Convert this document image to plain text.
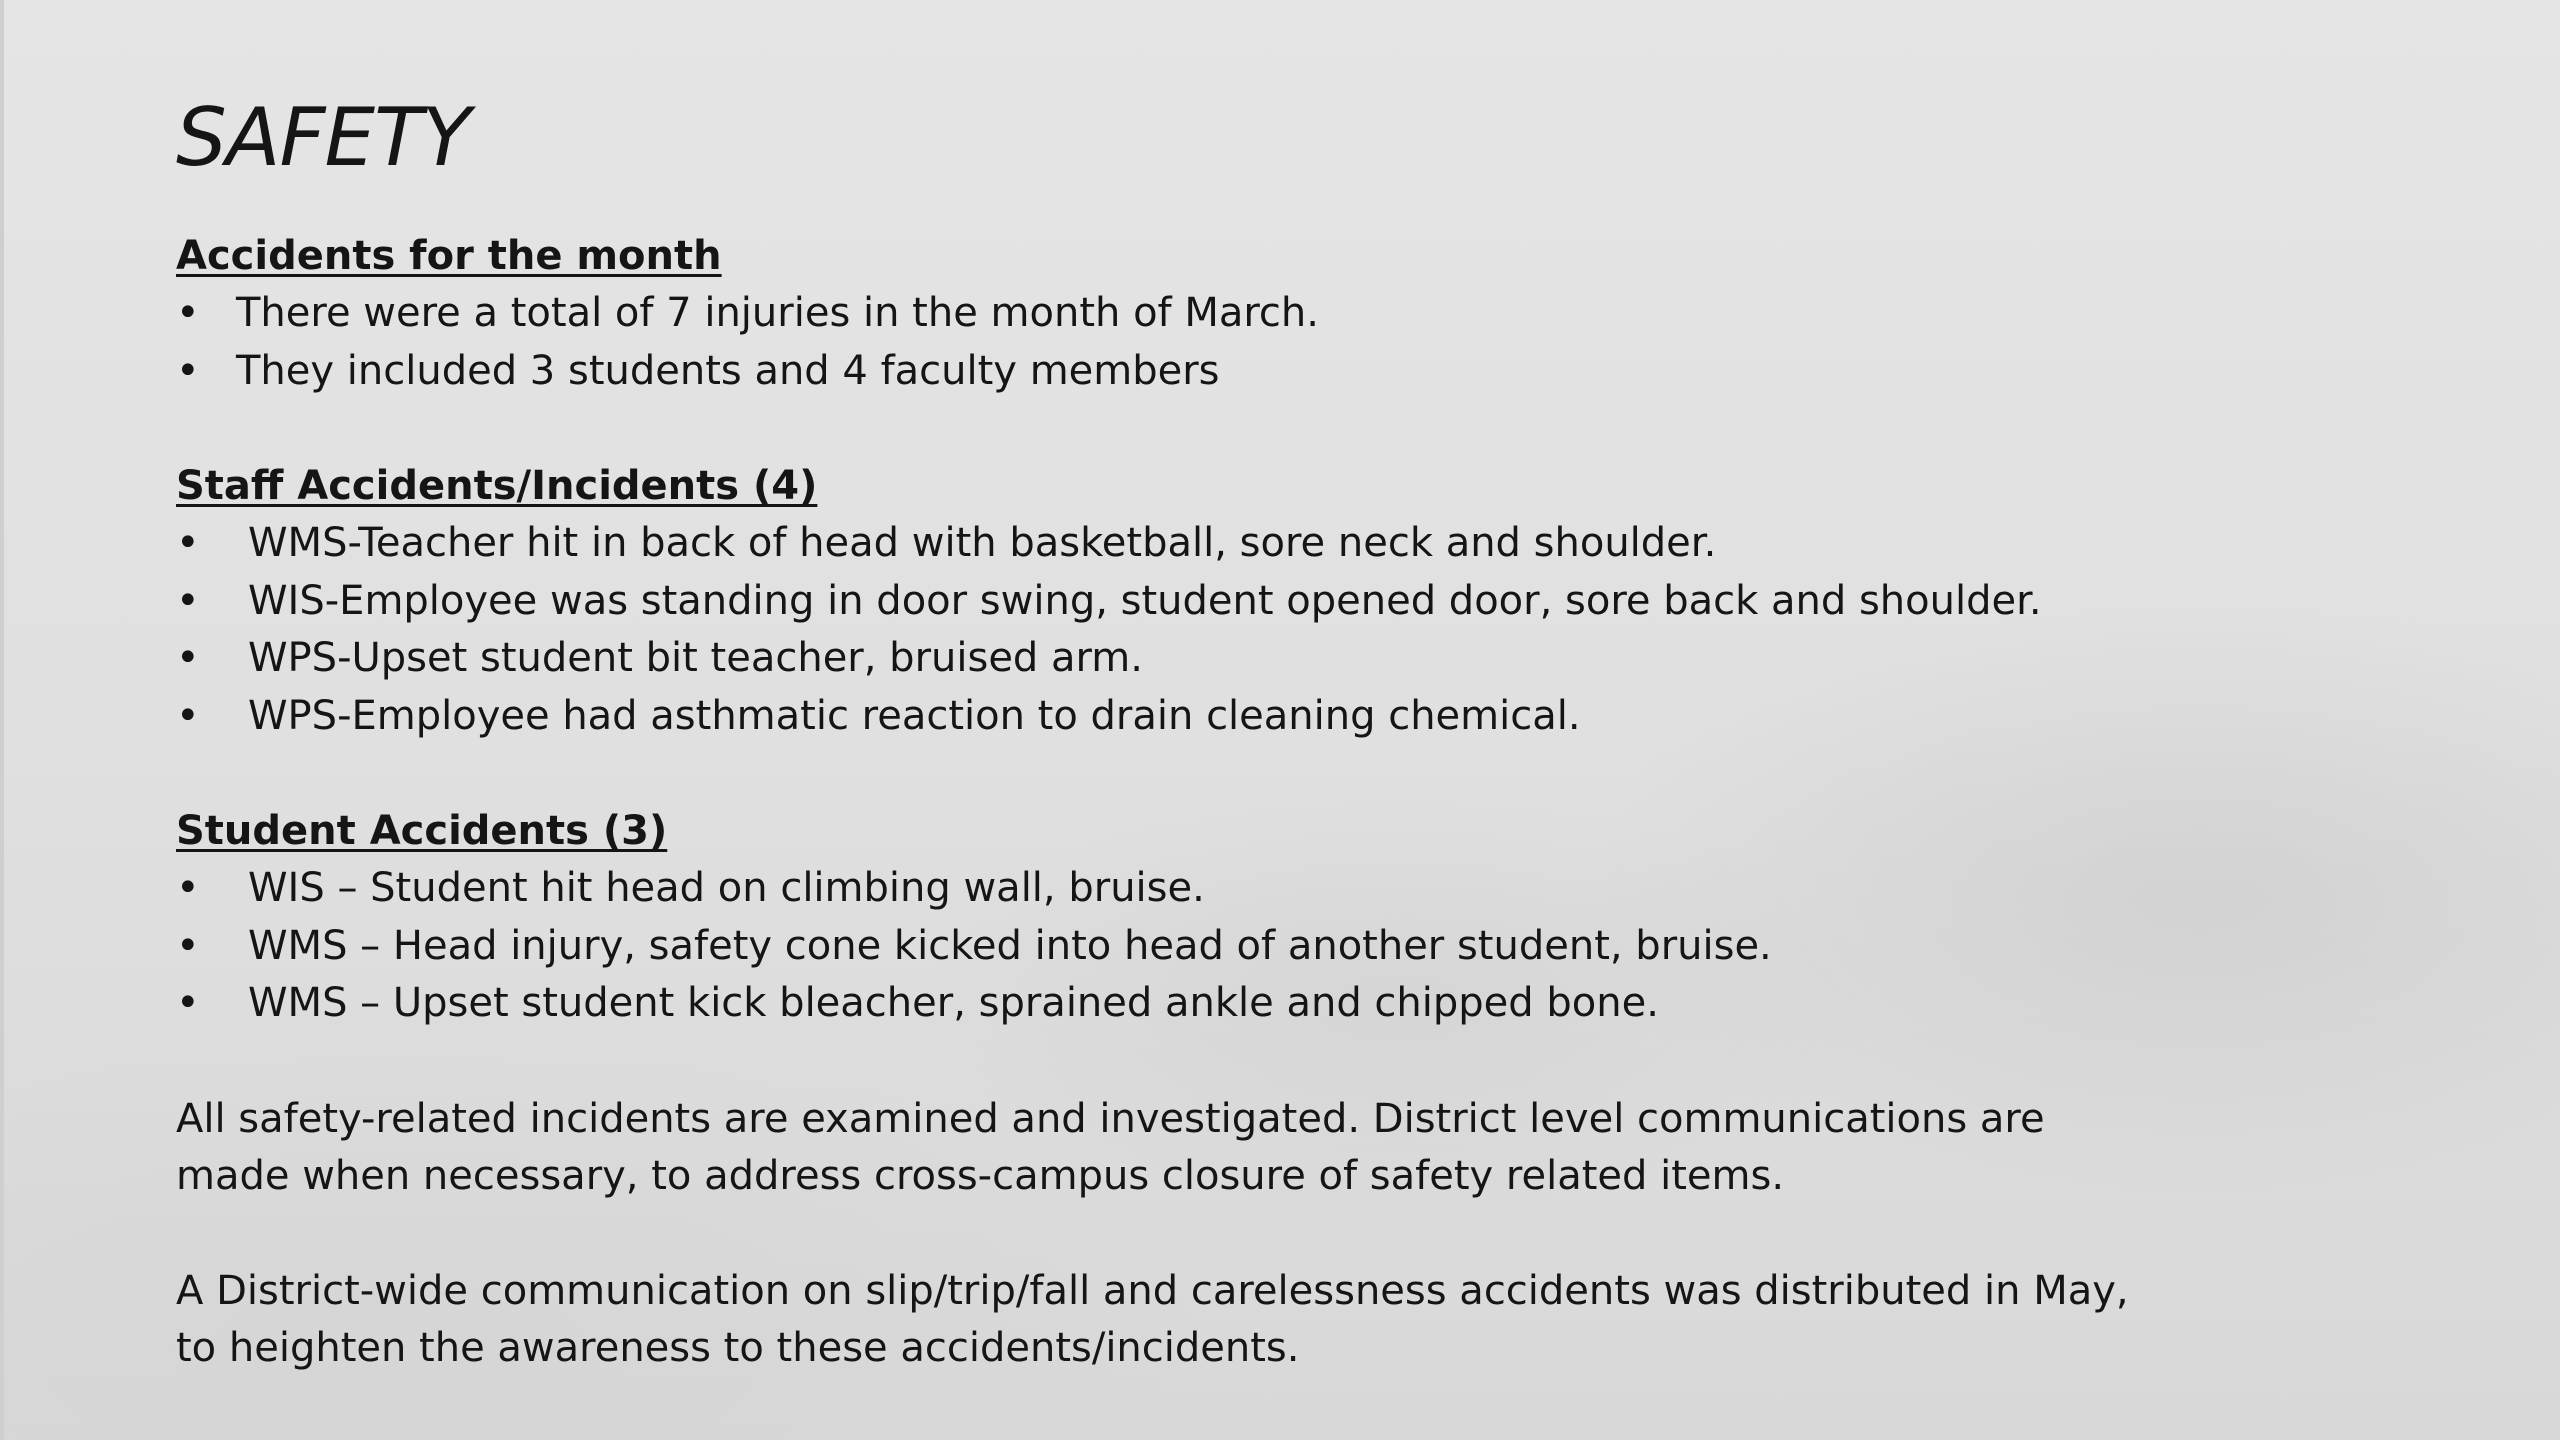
SAFETY

Accidents for the month

• There were a total of 7 injuries in the month of March.
• They included 3 students and 4 faculty members

Staff Accidents/Incidents (4)

• WMS-Teacher hit in back of head with basketball, sore neck and shoulder.
• WIS-Employee was standing in door swing, student opened door, sore back and shoulder.
• WPS-Upset student bit teacher, bruised arm.
• WPS-Employee had asthmatic reaction to drain cleaning chemical.

Student Accidents (3)

• WIS – Student hit head on climbing wall, bruise.
• WMS – Head injury, safety cone kicked into head of another student, bruise.
• WMS – Upset student kick bleacher, sprained ankle and chipped bone.

All safety-related incidents are examined and investigated. District level communications are made when necessary, to address cross-campus closure of safety related items.

A District-wide communication on slip/trip/fall and carelessness accidents was distributed in May, to heighten the awareness to these accidents/incidents.
